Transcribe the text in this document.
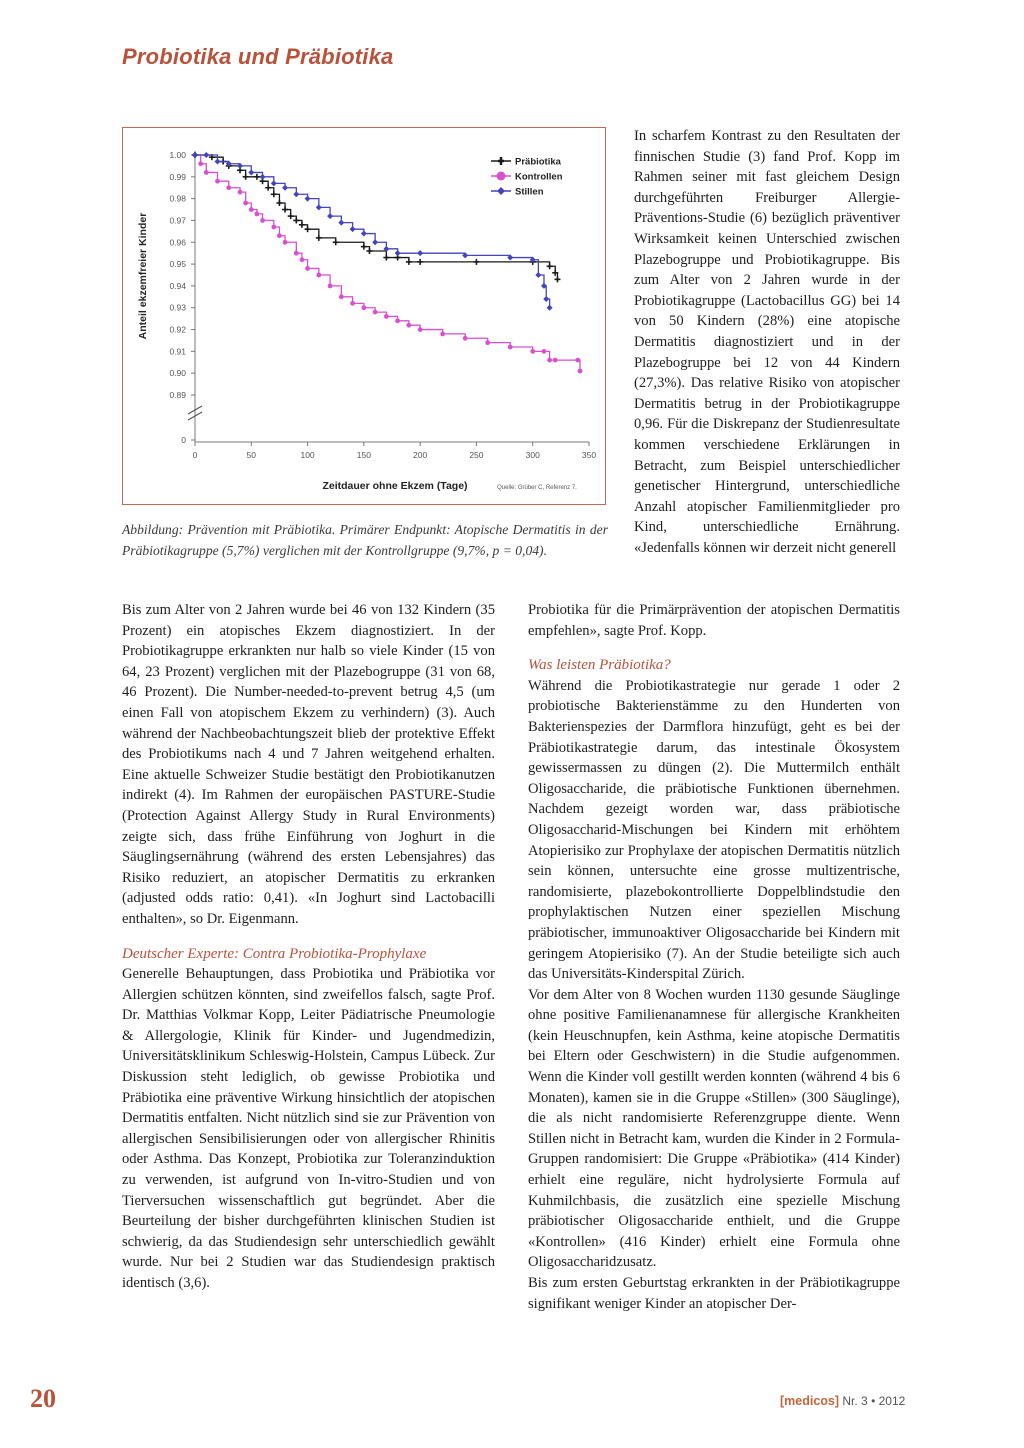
Probiotika und Präbiotika
1.00
0.99
0.98
0.97
0.96
0.95
0.94
0.93
0.92
0.91
0.90
0.89
0
0	50	100	150	200	250	300	350
Zeitdauer ohne Ekzem (Tage)
Anteil ekzemfreier Kinder
Quelle: Grüber C, Referenz 7.
Präbiotika
Kontrollen
Stillen
Abbildung: Prävention mit Präbiotika. Primärer Endpunkt: Atopische Dermatitis in der Präbiotikagruppe (5,7%) verglichen mit der Kontrollgruppe (9,7%, p = 0,04).

In scharfem Kontrast zu den Resultaten der finnischen Studie (3) fand Prof. Kopp im Rahmen seiner mit fast gleichem Design durchgeführten Freiburger Allergie-Präventions-Studie (6) bezüglich präventiver Wirksamkeit keinen Unterschied zwischen Plazebogruppe und Probiotikagruppe. Bis zum Alter von 2 Jahren wurde in der Probiotikagruppe (Lactobacillus GG) bei 14 von 50 Kindern (28%) eine atopische Dermatitis diagnostiziert und in der Plazebogruppe bei 12 von 44 Kindern (27,3%). Das relative Risiko von atopischer Dermatitis betrug in der Probiotikagruppe 0,96. Für die Diskrepanz der Studienresultate kommen verschiedene Erklärungen in Betracht, zum Beispiel unterschiedlicher genetischer Hintergrund, unterschiedliche Anzahl atopischer Familienmitglieder pro Kind, unterschiedliche Ernährung. «Jedenfalls können wir derzeit nicht generell

Bis zum Alter von 2 Jahren wurde bei 46 von 132 Kindern (35 Prozent) ein atopisches Ekzem diagnostiziert. In der Probiotikagruppe erkrankten nur halb so viele Kinder (15 von 64, 23 Prozent) verglichen mit der Plazebogruppe (31 von 68, 46 Prozent). Die Number-needed-to-prevent betrug 4,5 (um einen Fall von atopischem Ekzem zu verhindern) (3). Auch während der Nachbeobachtungszeit blieb der protektive Effekt des Probiotikums nach 4 und 7 Jahren weitgehend erhalten. Eine aktuelle Schweizer Studie bestätigt den Probiotikanutzen indirekt (4). Im Rahmen der europäischen PASTURE-Studie (Protection Against Allergy Study in Rural Environments) zeigte sich, dass frühe Einführung von Joghurt in die Säuglingsernährung (während des ersten Lebensjahres) das Risiko reduziert, an atopischer Dermatitis zu erkranken (adjusted odds ratio: 0,41). «In Joghurt sind Lactobacilli enthalten», so Dr. Eigenmann.

Deutscher Experte: Contra Probiotika-Prophylaxe

Generelle Behauptungen, dass Probiotika und Präbiotika vor Allergien schützen könnten, sind zweifellos falsch, sagte Prof. Dr. Matthias Volkmar Kopp, Leiter Pädiatrische Pneumologie & Allergologie, Klinik für Kinder- und Jugendmedizin, Universitätsklinikum Schleswig-Holstein, Campus Lübeck. Zur Diskussion steht lediglich, ob gewisse Probiotika und Präbiotika eine präventive Wirkung hinsichtlich der atopischen Dermatitis entfalten. Nicht nützlich sind sie zur Prävention von allergischen Sensibilisierungen oder von allergischer Rhinitis oder Asthma. Das Konzept, Probiotika zur Toleranzinduktion zu verwenden, ist aufgrund von In-vitro-Studien und von Tierversuchen wissenschaftlich gut begründet. Aber die Beurteilung der bisher durchgeführten klinischen Studien ist schwierig, da das Studiendesign sehr unterschiedlich gewählt wurde. Nur bei 2 Studien war das Studiendesign praktisch identisch (3,6).

Probiotika für die Primärprävention der atopischen Dermatitis empfehlen», sagte Prof. Kopp.

Was leisten Präbiotika?

Während die Probiotikastrategie nur gerade 1 oder 2 probiotische Bakterienstämme zu den Hunderten von Bakterienspezies der Darmflora hinzufügt, geht es bei der Präbiotikastrategie darum, das intestinale Ökosystem gewissermassen zu düngen (2). Die Muttermilch enthält Oligosaccharide, die präbiotische Funktionen übernehmen. Nachdem gezeigt worden war, dass präbiotische Oligosaccharid-Mischungen bei Kindern mit erhöhtem Atopierisiko zur Prophylaxe der atopischen Dermatitis nützlich sein können, untersuchte eine grosse multizentrische, randomisierte, plazebokontrollierte Doppelblindstudie den prophylaktischen Nutzen einer speziellen Mischung präbiotischer, immunoaktiver Oligosaccharide bei Kindern mit geringem Atopierisiko (7). An der Studie beteiligte sich auch das Universitäts-Kinderspital Zürich.

Vor dem Alter von 8 Wochen wurden 1130 gesunde Säuglinge ohne positive Familienanamnese für allergische Krankheiten (kein Heuschnupfen, kein Asthma, keine atopische Dermatitis bei Eltern oder Geschwistern) in die Studie aufgenommen. Wenn die Kinder voll gestillt werden konnten (während 4 bis 6 Monaten), kamen sie in die Gruppe «Stillen» (300 Säuglinge), die als nicht randomisierte Referenzgruppe diente. Wenn Stillen nicht in Betracht kam, wurden die Kinder in 2 Formula-Gruppen randomisiert: Die Gruppe «Präbiotika» (414 Kinder) erhielt eine reguläre, nicht hydrolysierte Formula auf Kuhmilchbasis, die zusätzlich eine spezielle Mischung präbiotischer Oligosaccharide enthielt, und die Gruppe «Kontrollen» (416 Kinder) erhielt eine Formula ohne Oligosaccharidzusatz.

Bis zum ersten Geburtstag erkrankten in der Präbiotikagruppe signifikant weniger Kinder an atopischer Der-

20	[medicos] Nr. 3 • 2012
